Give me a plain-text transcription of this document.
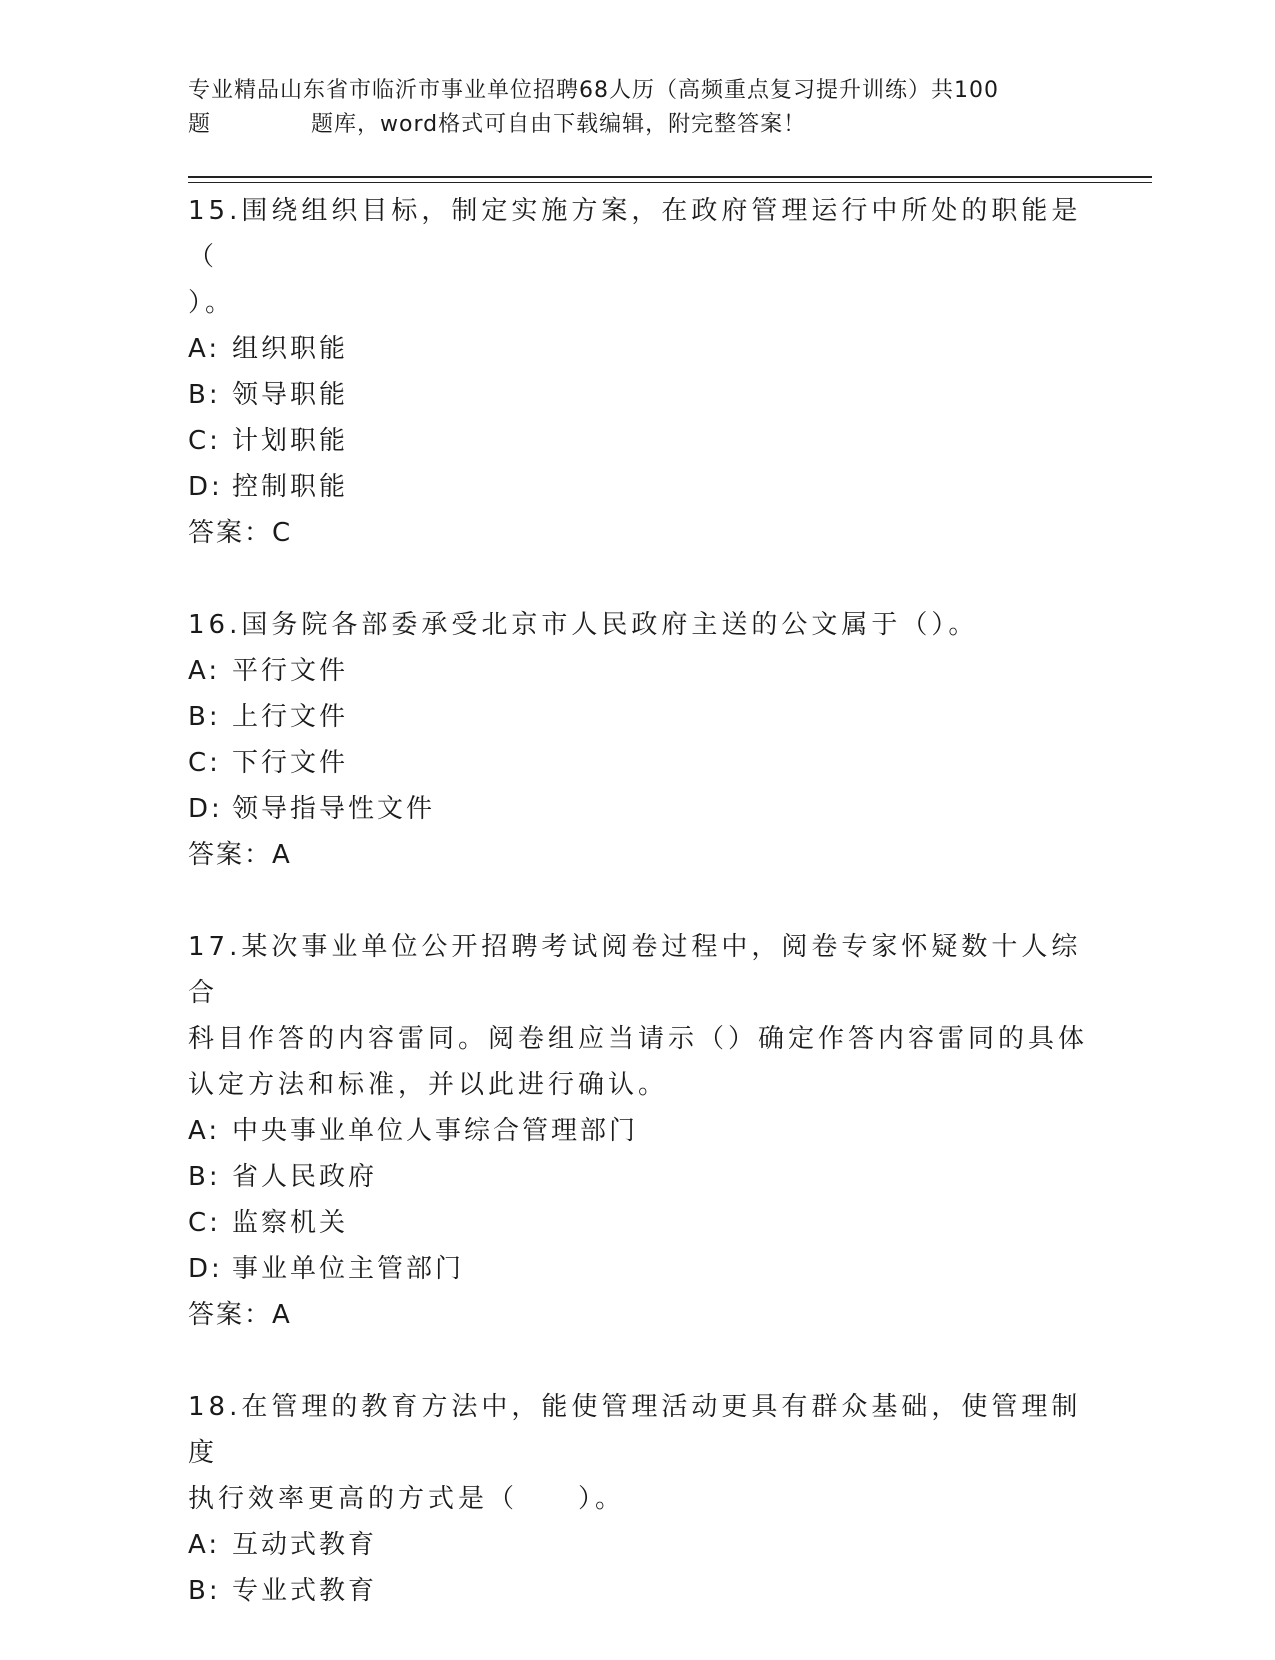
专业精品山东省市临沂市事业单位招聘68人历（高频重点复习提升训练）共100
题	题库，word格式可自由下载编辑，附完整答案！
15.围绕组织目标，制定实施方案，在政府管理运行中所处的职能是（
）。
A: 组织职能
B: 领导职能
C: 计划职能
D: 控制职能
答案：C
16.国务院各部委承受北京市人民政府主送的公文属于（）。
A: 平行文件
B: 上行文件
C: 下行文件
D: 领导指导性文件
答案：A
17.某次事业单位公开招聘考试阅卷过程中，阅卷专家怀疑数十人综合
科目作答的内容雷同。阅卷组应当请示（）确定作答内容雷同的具体
认定方法和标准，并以此进行确认。
A: 中央事业单位人事综合管理部门
B: 省人民政府
C: 监察机关
D: 事业单位主管部门
答案：A
18.在管理的教育方法中，能使管理活动更具有群众基础，使管理制度
执行效率更高的方式是（　　）。
A: 互动式教育
B: 专业式教育
